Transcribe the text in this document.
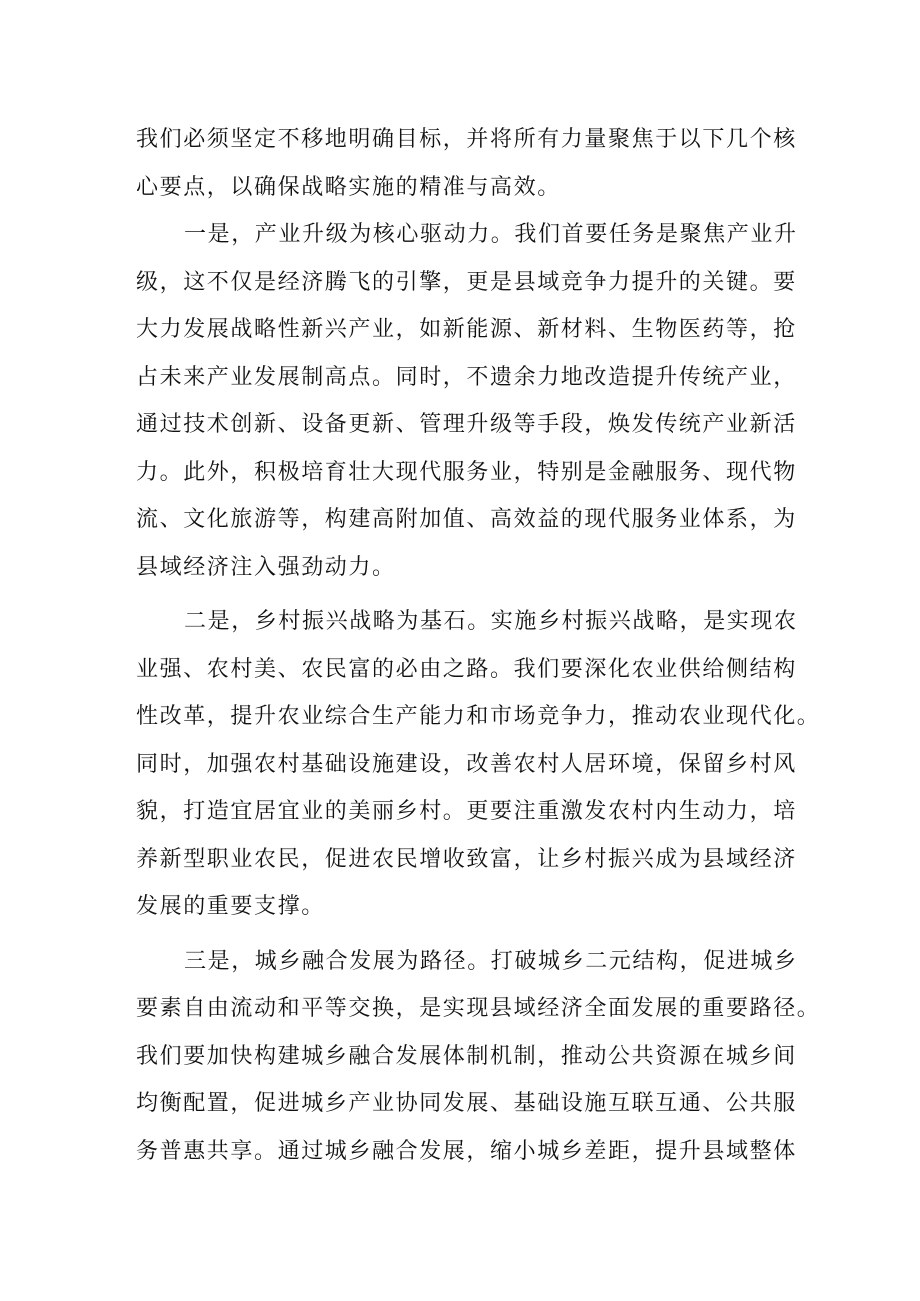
我们必须坚定不移地明确目标，并将所有力量聚焦于以下几个核
心要点，以确保战略实施的精准与高效。

一是，产业升级为核心驱动力。我们首要任务是聚焦产业升
级，这不仅是经济腾飞的引擎，更是县域竞争力提升的关键。要
大力发展战略性新兴产业，如新能源、新材料、生物医药等，抢
占未来产业发展制高点。同时，不遗余力地改造提升传统产业，
通过技术创新、设备更新、管理升级等手段，焕发传统产业新活
力。此外，积极培育壮大现代服务业，特别是金融服务、现代物
流、文化旅游等，构建高附加值、高效益的现代服务业体系，为
县域经济注入强劲动力。

二是，乡村振兴战略为基石。实施乡村振兴战略，是实现农
业强、农村美、农民富的必由之路。我们要深化农业供给侧结构
性改革，提升农业综合生产能力和市场竞争力，推动农业现代化。
同时，加强农村基础设施建设，改善农村人居环境，保留乡村风
貌，打造宜居宜业的美丽乡村。更要注重激发农村内生动力，培
养新型职业农民，促进农民增收致富，让乡村振兴成为县域经济
发展的重要支撑。

三是，城乡融合发展为路径。打破城乡二元结构，促进城乡
要素自由流动和平等交换，是实现县域经济全面发展的重要路径。
我们要加快构建城乡融合发展体制机制，推动公共资源在城乡间
均衡配置，促进城乡产业协同发展、基础设施互联互通、公共服
务普惠共享。通过城乡融合发展，缩小城乡差距，提升县域整体
